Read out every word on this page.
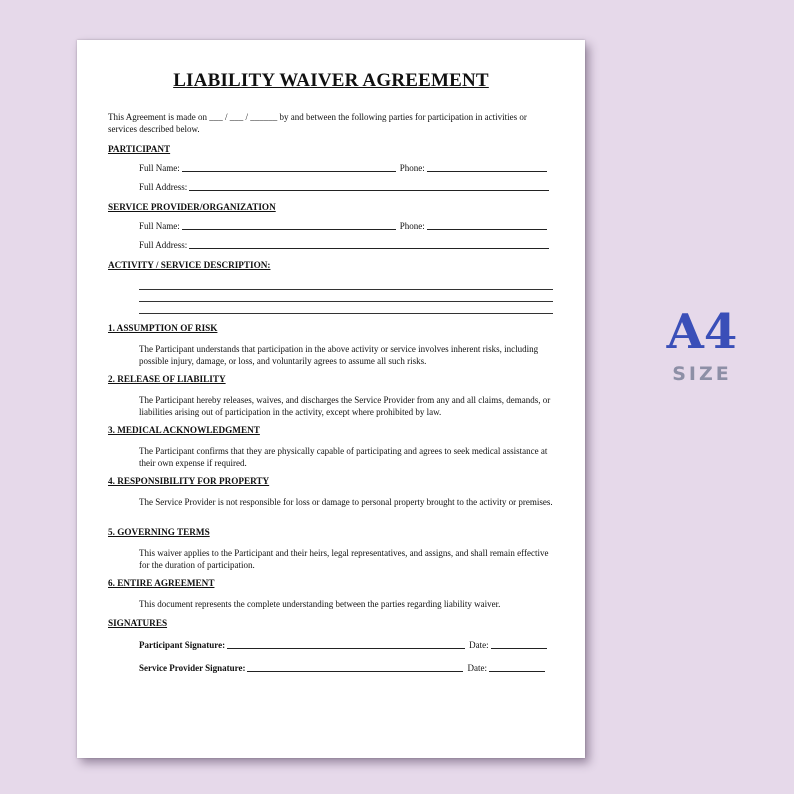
LIABILITY WAIVER AGREEMENT
This Agreement is made on ___ / ___ / ______ by and between the following parties for participation in activities or services described below.
PARTICIPANT
Full Name:	Phone:
Full Address:
SERVICE PROVIDER/ORGANIZATION
Full Name:	Phone:
Full Address:
ACTIVITY / SERVICE DESCRIPTION:
1. ASSUMPTION OF RISK
The Participant understands that participation in the above activity or service involves inherent risks, including possible injury, damage, or loss, and voluntarily agrees to assume all such risks.
2. RELEASE OF LIABILITY
The Participant hereby releases, waives, and discharges the Service Provider from any and all claims, demands, or liabilities arising out of participation in the activity, except where prohibited by law.
3. MEDICAL ACKNOWLEDGMENT
The Participant confirms that they are physically capable of participating and agrees to seek medical assistance at their own expense if required.
4. RESPONSIBILITY FOR PROPERTY
The Service Provider is not responsible for loss or damage to personal property brought to the activity or premises.
5. GOVERNING TERMS
This waiver applies to the Participant and their heirs, legal representatives, and assigns, and shall remain effective for the duration of participation.
6. ENTIRE AGREEMENT
This document represents the complete understanding between the parties regarding liability waiver.
SIGNATURES
Participant Signature:	Date:
Service Provider Signature:	Date:
A4
SIZE
